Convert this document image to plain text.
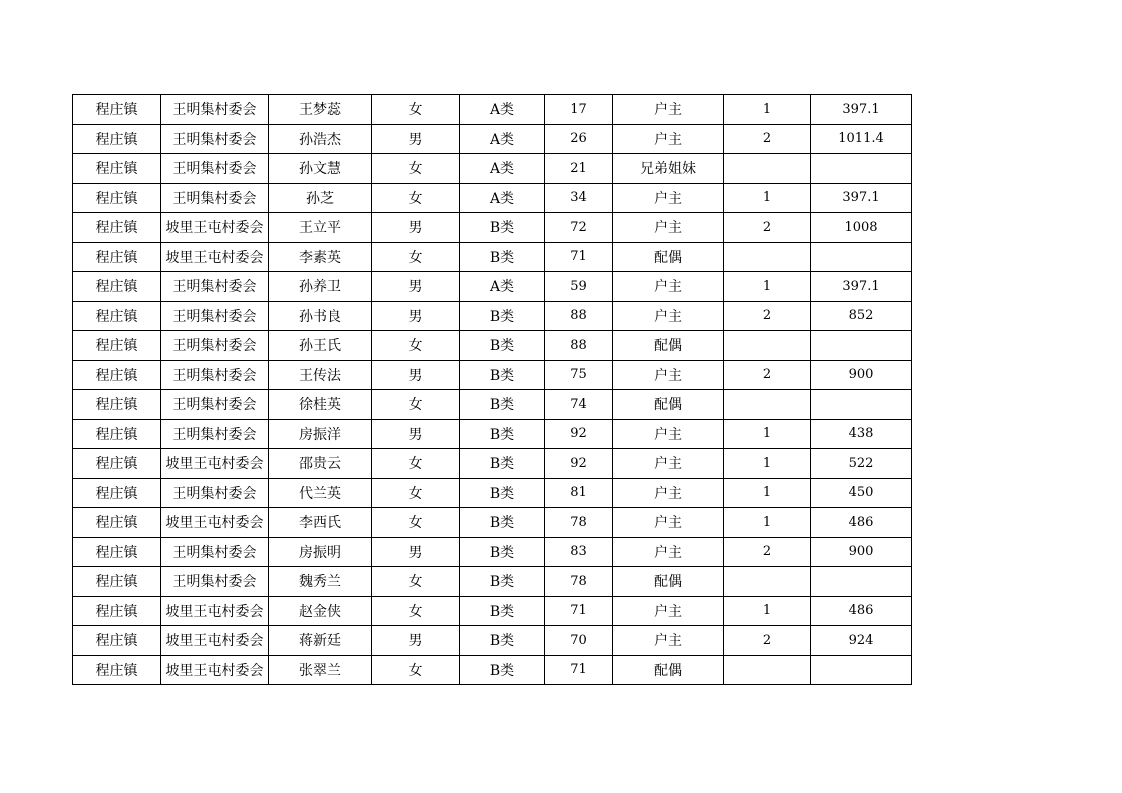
程庄镇	王明集村委会	王梦蕊	女	A类	17	户主	1	397.1
程庄镇	王明集村委会	孙浩杰	男	A类	26	户主	2	1011.4
程庄镇	王明集村委会	孙文慧	女	A类	21	兄弟姐妹		
程庄镇	王明集村委会	孙芝	女	A类	34	户主	1	397.1
程庄镇	坡里王屯村委会	王立平	男	B类	72	户主	2	1008
程庄镇	坡里王屯村委会	李素英	女	B类	71	配偶		
程庄镇	王明集村委会	孙养卫	男	A类	59	户主	1	397.1
程庄镇	王明集村委会	孙书良	男	B类	88	户主	2	852
程庄镇	王明集村委会	孙王氏	女	B类	88	配偶		
程庄镇	王明集村委会	王传法	男	B类	75	户主	2	900
程庄镇	王明集村委会	徐桂英	女	B类	74	配偶		
程庄镇	王明集村委会	房振洋	男	B类	92	户主	1	438
程庄镇	坡里王屯村委会	邵贵云	女	B类	92	户主	1	522
程庄镇	王明集村委会	代兰英	女	B类	81	户主	1	450
程庄镇	坡里王屯村委会	李西氏	女	B类	78	户主	1	486
程庄镇	王明集村委会	房振明	男	B类	83	户主	2	900
程庄镇	王明集村委会	魏秀兰	女	B类	78	配偶		
程庄镇	坡里王屯村委会	赵金侠	女	B类	71	户主	1	486
程庄镇	坡里王屯村委会	蒋新廷	男	B类	70	户主	2	924
程庄镇	坡里王屯村委会	张翠兰	女	B类	71	配偶		
